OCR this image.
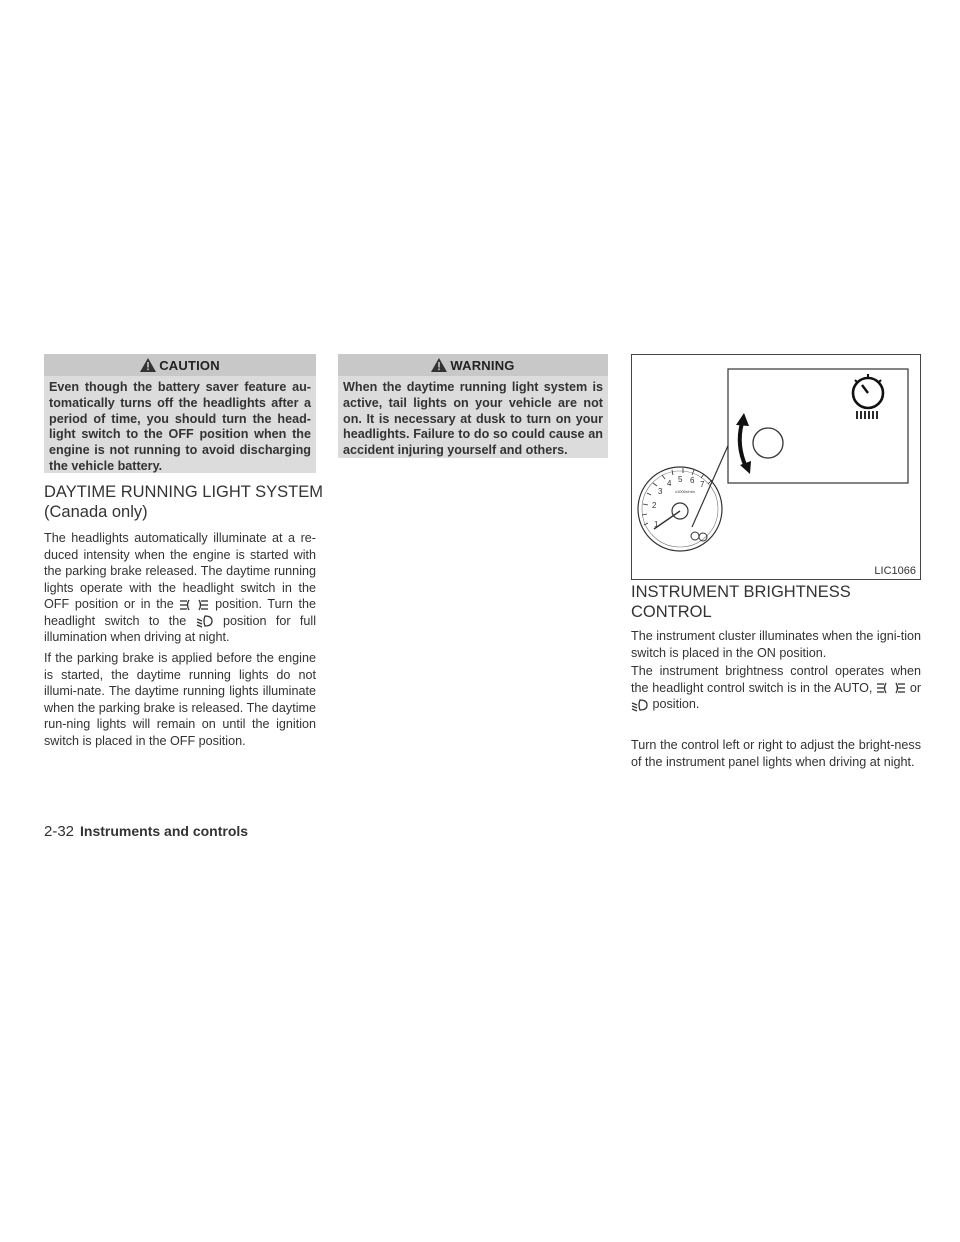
CAUTION
Even though the battery saver feature au-tomatically turns off the headlights after a period of time, you should turn the head-light switch to the OFF position when the engine is not running to avoid discharging the vehicle battery.
DAYTIME RUNNING LIGHT SYSTEM
(Canada only)

The headlights automatically illuminate at a re-duced intensity when the engine is started with the parking brake released. The daytime running lights operate with the headlight switch in the OFF position or in the	position. Turn the headlight switch to the	position for full illumination when driving at night.

If the parking brake is applied before the engine is started, the daytime running lights do not illumi-nate. The daytime running lights illuminate when the parking brake is released. The daytime run-ning lights will remain on until the ignition switch is placed in the OFF position.

WARNING
When the daytime running light system is active, tail lights on your vehicle are not on. It is necessary at dusk to turn on your headlights. Failure to do so could cause an accident injuring yourself and others.
1
2
3
4 5 6 7
x1000r/min
LIC1066
INSTRUMENT BRIGHTNESS
CONTROL

The instrument cluster illuminates when the igni-tion switch is placed in the ON position.

The instrument brightness control operates when the headlight control switch is in the AUTO,	or  position.

Turn the control left or right to adjust the bright-ness of the instrument panel lights when driving at night.

2-32 Instruments and controls
